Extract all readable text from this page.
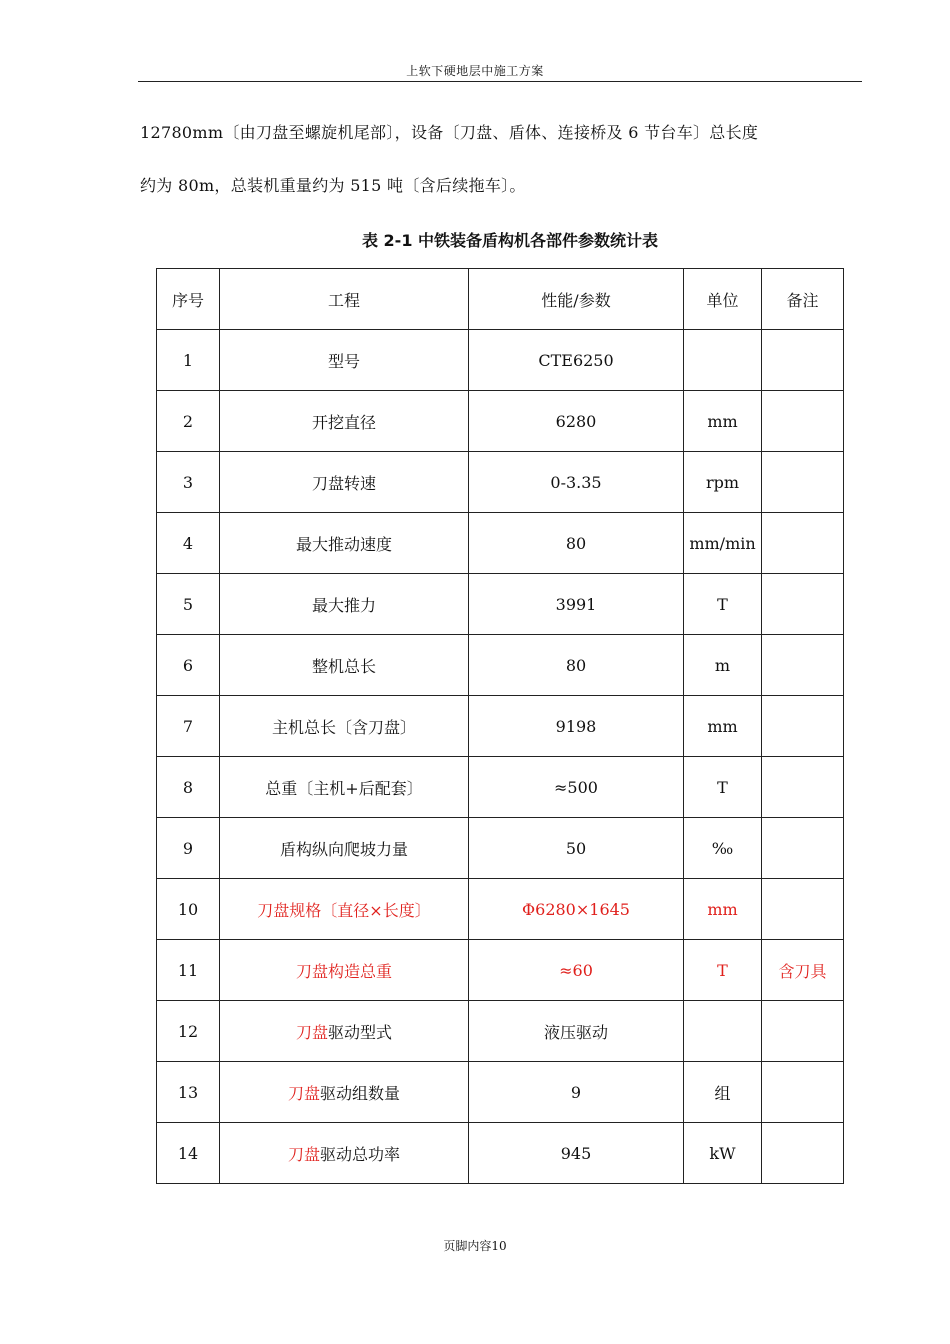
上软下硬地层中施工方案
12780mm〔由刀盘至螺旋机尾部〕，设备〔刀盘、盾体、连接桥及 6 节台车〕总长度
约为 80m，总装机重量约为 515 吨〔含后续拖车〕。
表 2-1 中铁装备盾构机各部件参数统计表
序号	工程	性能/参数	单位	备注
1	型号	CTE6250		
2	开挖直径	6280	mm	
3	刀盘转速	0-3.35	rpm	
4	最大推动速度	80	mm/min	
5	最大推力	3991	T	
6	整机总长	80	m	
7	主机总长〔含刀盘〕	9198	mm	
8	总重〔主机+后配套〕	≈500	T	
9	盾构纵向爬坡力量	50	‰	
10	刀盘规格〔直径×长度〕	Φ6280×1645	mm	
11	刀盘构造总重	≈60	T	含刀具
12	刀盘驱动型式	液压驱动		
13	刀盘驱动组数量	9	组	
14	刀盘驱动总功率	945	kW	
页脚内容10
